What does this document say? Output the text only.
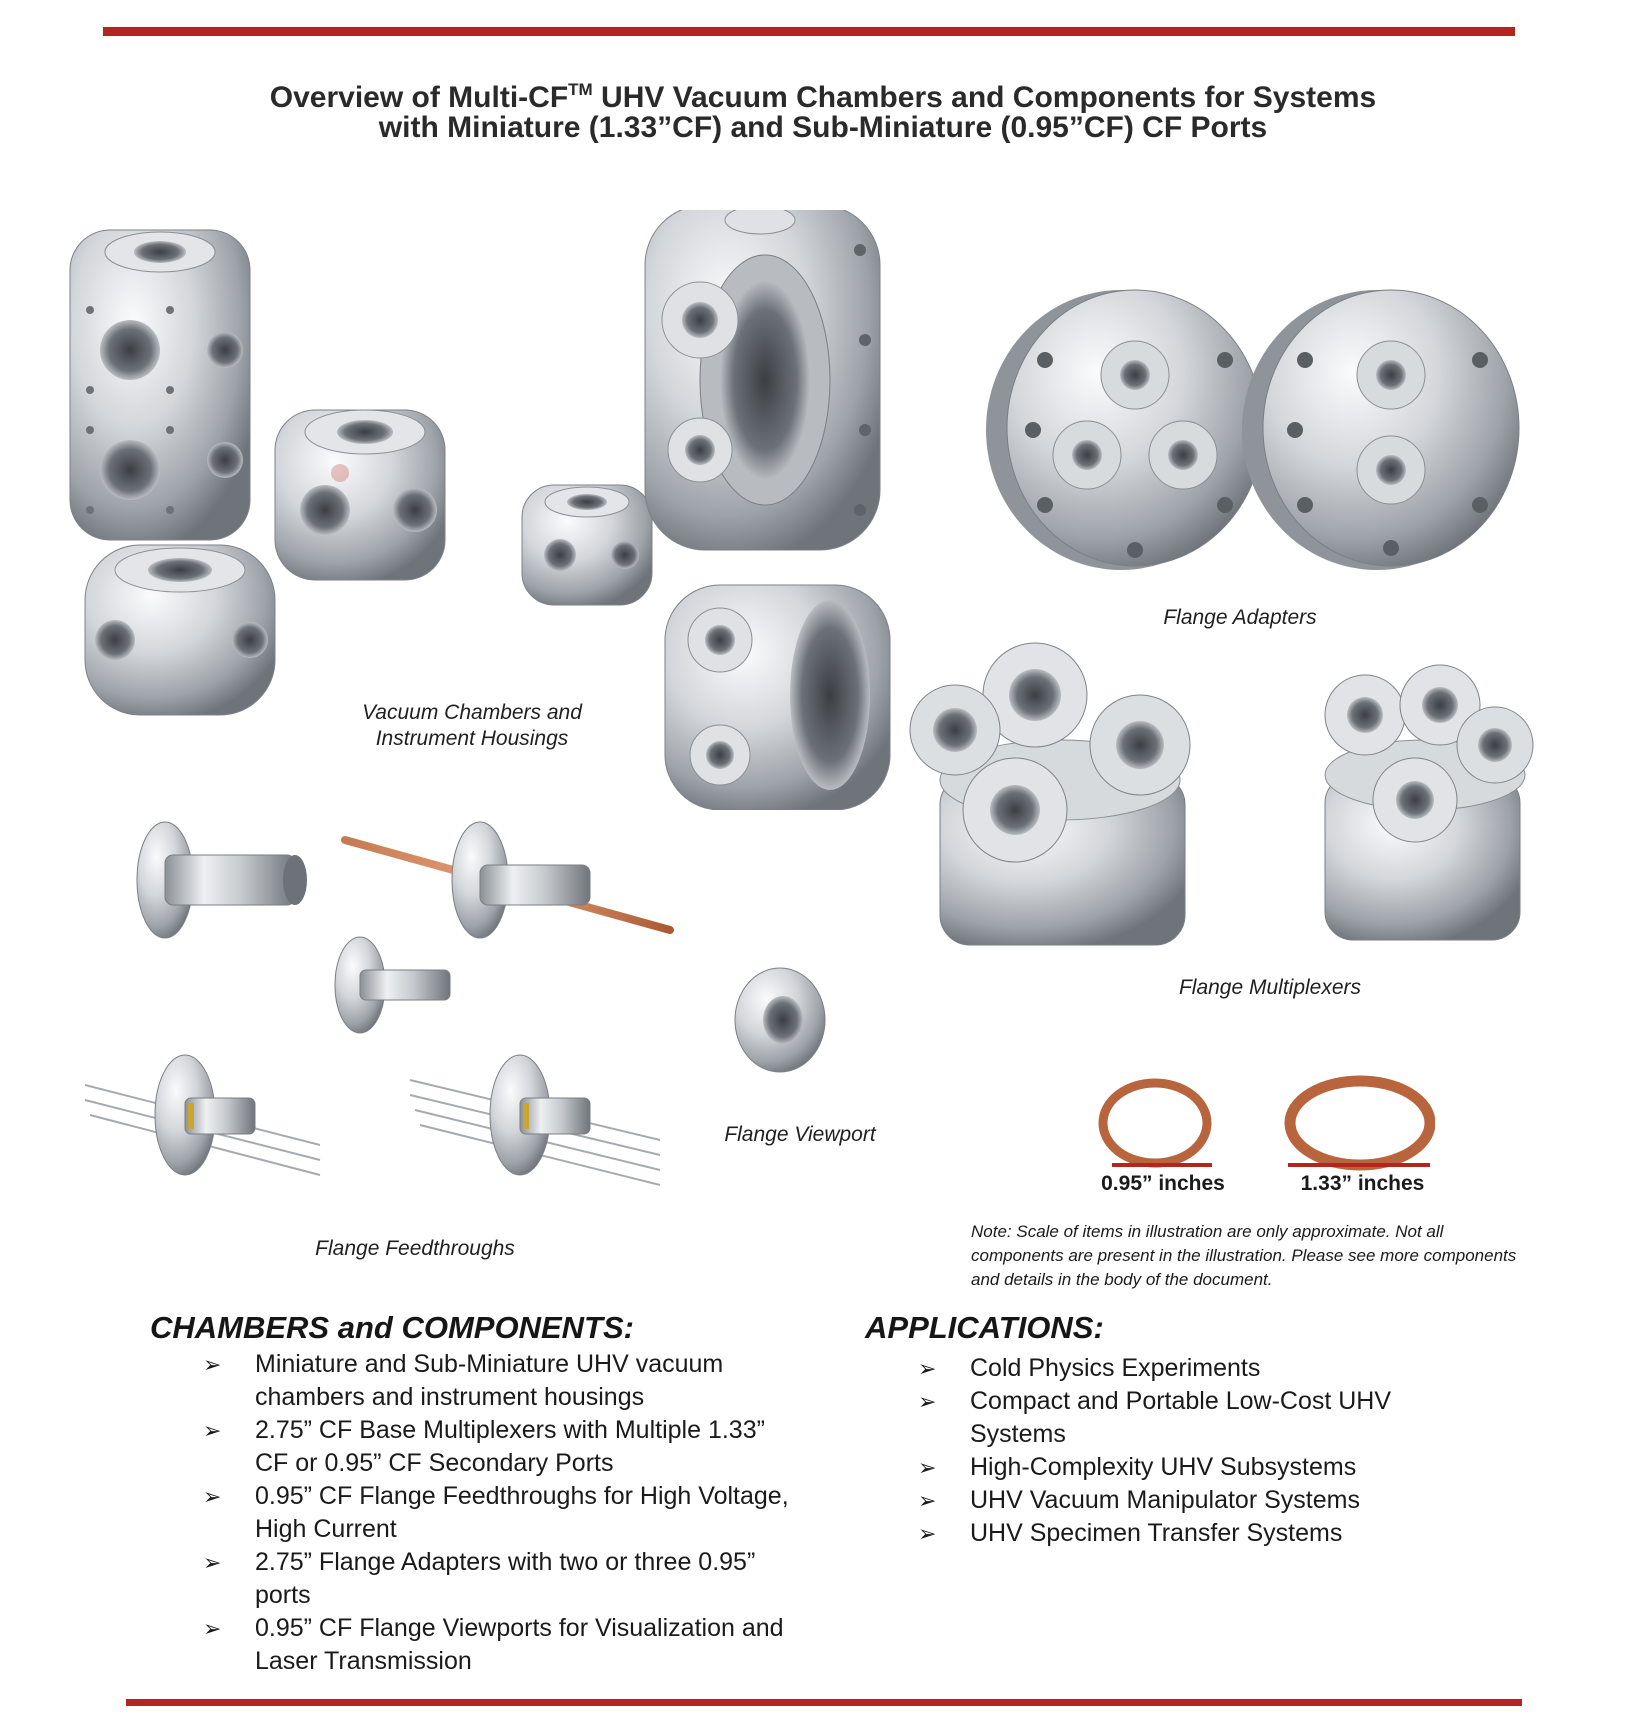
Overview of Multi-CF™ UHV Vacuum Chambers and Components for Systems
with Miniature (1.33”CF) and Sub-Miniature (0.95”CF) CF Ports
Vacuum Chambers and
Instrument Housings
Flange Adapters
Flange Multiplexers
Flange Feedthroughs
Flange Viewport
0.95” inches	1.33” inches
Note: Scale of items in illustration are only approximate. Not all components are present in the illustration. Please see more components and details in the body of the document.
CHAMBERS and COMPONENTS:
➢ Miniature and Sub-Miniature UHV vacuum chambers and instrument housings
➢ 2.75” CF Base Multiplexers with Multiple 1.33” CF or 0.95” CF Secondary Ports
➢ 0.95” CF Flange Feedthroughs for High Voltage, High Current
➢ 2.75” Flange Adapters with two or three 0.95” ports
➢ 0.95” CF Flange Viewports for Visualization and Laser Transmission
APPLICATIONS:
➢ Cold Physics Experiments
➢ Compact and Portable Low-Cost UHV Systems
➢ High-Complexity UHV Subsystems
➢ UHV Vacuum Manipulator Systems
➢ UHV Specimen Transfer Systems
